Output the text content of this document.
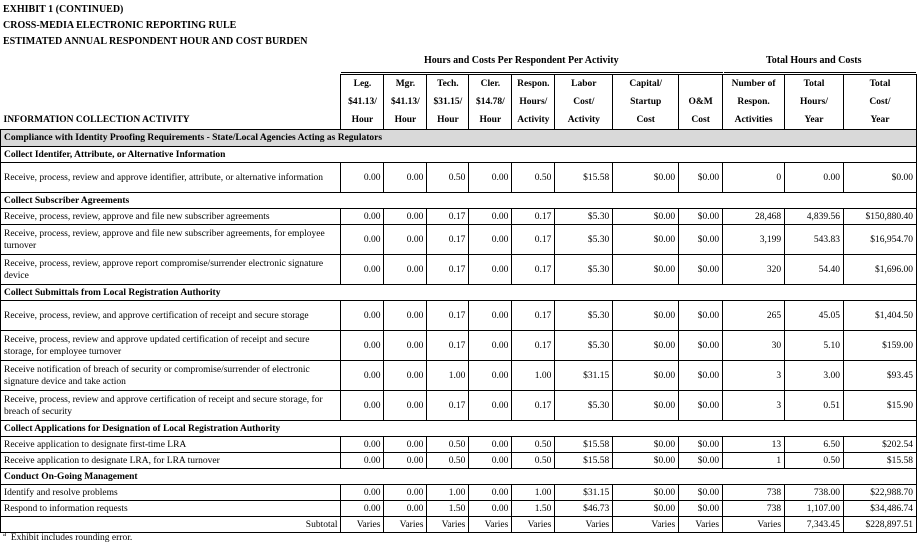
EXHIBIT 1 (CONTINUED)
CROSS-MEDIA ELECTRONIC REPORTING RULE
ESTIMATED ANNUAL RESPONDENT HOUR AND COST BURDEN
Hours and Costs Per Respondent Per Activity	Total Hours and Costs
	Leg.	Mgr.	Tech.	Cler.	Respon.	Labor	Capital/		Number of	Total	Total
	$41.13/	$41.13/	$31.15/	$14.78/	Hours/	Cost/	Startup	O&M	Respon.	Hours/	Cost/
INFORMATION COLLECTION ACTIVITY	Hour	Hour	Hour	Hour	Activity	Activity	Cost	Cost	Activities	Year	Year
Compliance with Identity Proofing Requirements - State/Local Agencies Acting as Regulators											
Collect Identifer, Attribute, or Alternative Information											
Receive, process, review and approve identifier, attribute, or alternative information	0.00	0.00	0.50	0.00	0.50	$15.58	$0.00	$0.00	0	0.00	$0.00
Collect Subscriber Agreements											
Receive, process, review, approve and file new subscriber agreements	0.00	0.00	0.17	0.00	0.17	$5.30	$0.00	$0.00	28,468	4,839.56	$150,880.40
Receive, process, review, approve and file new subscriber agreements, for employee turnover	0.00	0.00	0.17	0.00	0.17	$5.30	$0.00	$0.00	3,199	543.83	$16,954.70
Receive, process, review, approve report compromise/surrender electronic signature device	0.00	0.00	0.17	0.00	0.17	$5.30	$0.00	$0.00	320	54.40	$1,696.00
Collect Submittals from Local Registration Authority											
Receive, process, review, and approve certification of receipt and secure storage	0.00	0.00	0.17	0.00	0.17	$5.30	$0.00	$0.00	265	45.05	$1,404.50
Receive, process, review and approve updated certification of receipt and secure storage, for employee turnover	0.00	0.00	0.17	0.00	0.17	$5.30	$0.00	$0.00	30	5.10	$159.00
Receive notification of breach of security or compromise/surrender of electronic signature device and take action	0.00	0.00	1.00	0.00	1.00	$31.15	$0.00	$0.00	3	3.00	$93.45
Receive, process, review and approve certification of receipt and secure storage, for breach of security	0.00	0.00	0.17	0.00	0.17	$5.30	$0.00	$0.00	3	0.51	$15.90
Collect Applications for Designation of Local Registration Authority											
Receive application to designate first-time LRA	0.00	0.00	0.50	0.00	0.50	$15.58	$0.00	$0.00	13	6.50	$202.54
Receive application to designate LRA, for LRA turnover	0.00	0.00	0.50	0.00	0.50	$15.58	$0.00	$0.00	1	0.50	$15.58
Conduct On-Going Management											
Identify and resolve problems	0.00	0.00	1.00	0.00	1.00	$31.15	$0.00	$0.00	738	738.00	$22,988.70
Respond to information requests	0.00	0.00	1.50	0.00	1.50	$46.73	$0.00	$0.00	738	1,107.00	$34,486.74
Subtotal	Varies	Varies	Varies	Varies	Varies	Varies	Varies	Varies	Varies	7,343.45	$228,897.51
$^a$ Exhibit includes rounding error.
